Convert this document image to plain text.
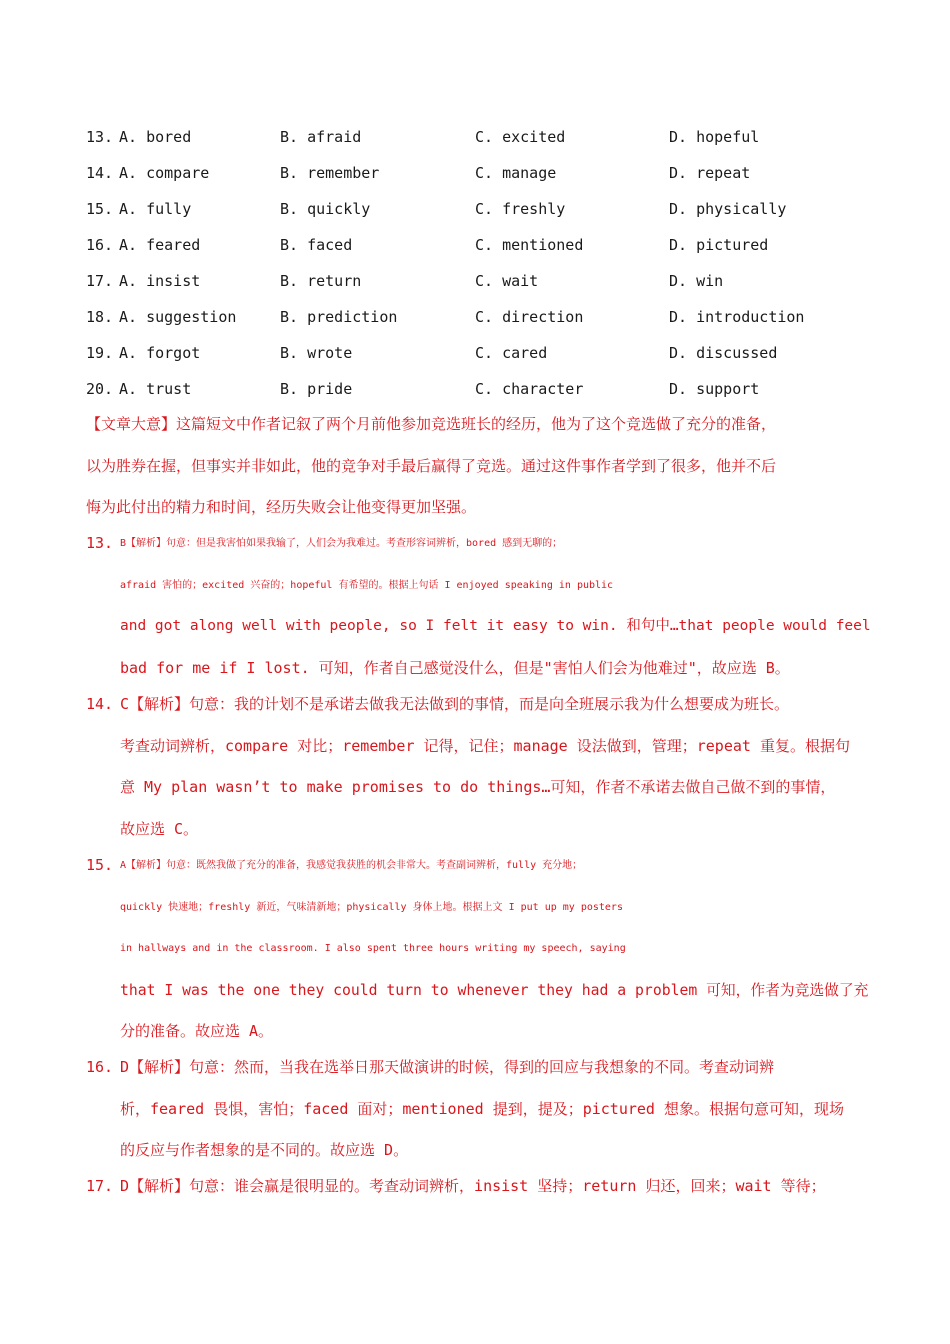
13. A. bored	B. afraid	C. excited	D. hopeful
14. A. compare	B. remember	C. manage	D. repeat
15. A. fully	B. quickly	C. freshly	D. physically
16. A. feared	B. faced	C. mentioned	D. pictured
17. A. insist	B. return	C. wait	D. win
18. A. suggestion	B. prediction	C. direction	D. introduction
19. A. forgot	B. wrote	C. cared	D. discussed
20. A. trust	B. pride	C. character	D. support
【文章大意】这篇短文中作者记叙了两个月前他参加竞选班长的经历，他为了这个竞选做了充分的准备，
以为胜券在握，但事实并非如此，他的竞争对手最后赢得了竞选。通过这件事作者学到了很多，他并不后
悔为此付出的精力和时间，经历失败会让他变得更加坚强。
13. B【解析】句意：但是我害怕如果我输了，人们会为我难过。考查形容词辨析，bored 感到无聊的；
afraid 害怕的；excited 兴奋的；hopeful 有希望的。根据上句话 I enjoyed speaking in public
and got along well with people, so I felt it easy to win. 和句中…that people would feel
bad for me if I lost. 可知，作者自己感觉没什么，但是"害怕人们会为他难过"，故应选 B。
14. C【解析】句意：我的计划不是承诺去做我无法做到的事情，而是向全班展示我为什么想要成为班长。
考查动词辨析，compare 对比；remember 记得，记住；manage 设法做到，管理；repeat 重复。根据句
意 My plan wasn’t to make promises to do things…可知，作者不承诺去做自己做不到的事情，
故应选 C。
15. A【解析】句意：既然我做了充分的准备，我感觉我获胜的机会非常大。考查副词辨析，fully 充分地；
quickly 快速地；freshly 新近，气味清新地；physically 身体上地。根据上文 I put up my posters
in hallways and in the classroom. I also spent three hours writing my speech, saying
that I was the one they could turn to whenever they had a problem 可知，作者为竞选做了充
分的准备。故应选 A。
16. D【解析】句意：然而，当我在选举日那天做演讲的时候，得到的回应与我想象的不同。考查动词辨
析，feared 畏惧，害怕；faced 面对；mentioned 提到，提及；pictured 想象。根据句意可知，现场
的反应与作者想象的是不同的。故应选 D。
17. D【解析】句意：谁会赢是很明显的。考查动词辨析，insist 坚持；return 归还，回来；wait 等待；
